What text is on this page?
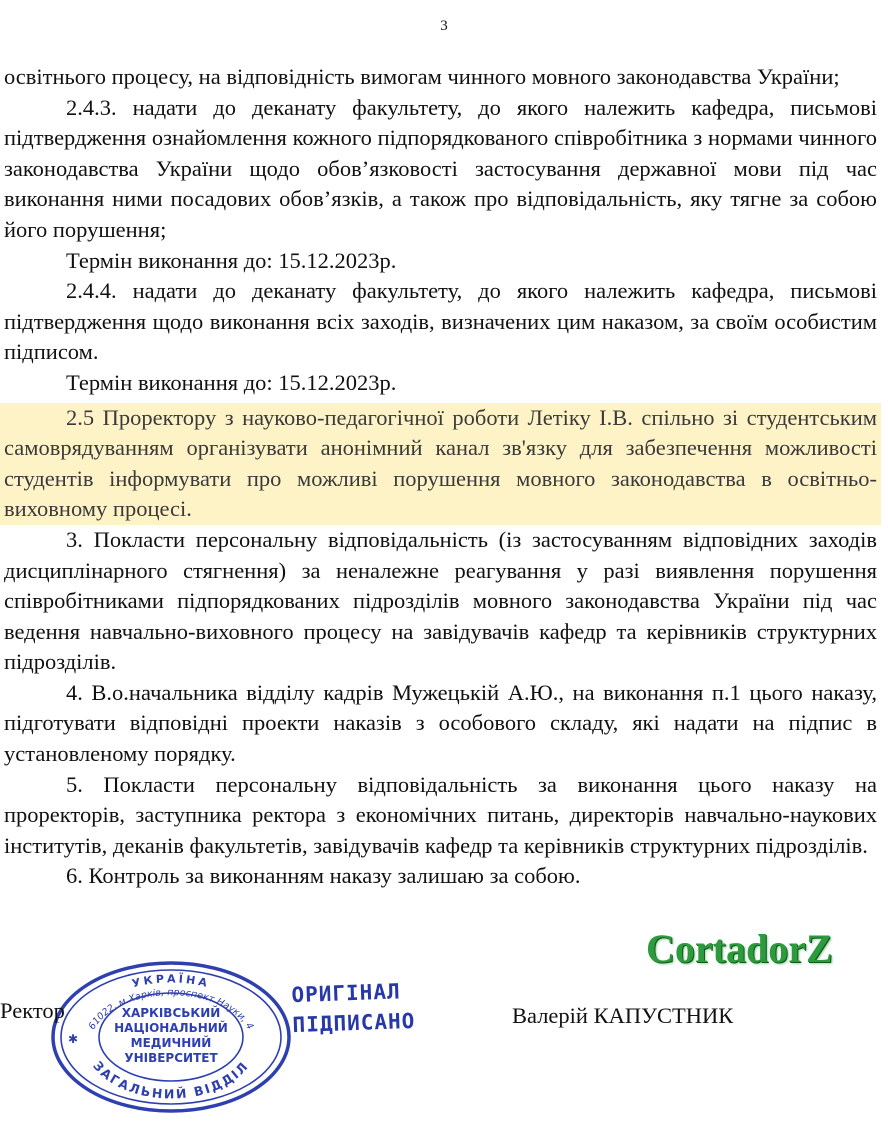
3

освітнього процесу, на відповідність вимогам чинного мовного законодавства України;

2.4.3. надати до деканату факультету, до якого належить кафедра, письмові підтвердження ознайомлення кожного підпорядкованого співробітника з нормами чинного законодавства України щодо обов’язковості застосування державної мови під час виконання ними посадових обов’язків, а також про відповідальність, яку тягне за собою його порушення;

Термін виконання до: 15.12.2023р.

2.4.4. надати до деканату факультету, до якого належить кафедра, письмові підтвердження щодо виконання всіх заходів, визначених цим наказом, за своїм особистим підписом.

Термін виконання до: 15.12.2023р.

2.5 Проректору з науково-педагогічної роботи Летіку І.В. спільно зі студентським самоврядуванням організувати анонімний канал зв'язку для забезпечення можливості студентів інформувати про можливі порушення мовного законодавства в освітньо-виховному процесі.

3. Покласти персональну відповідальність (із застосуванням відповідних заходів дисциплінарного стягнення) за неналежне реагування у разі виявлення порушення співробітниками підпорядкованих підрозділів мовного законодавства України під час ведення навчально-виховного процесу на завідувачів кафедр та керівників структурних підрозділів.

4. В.о.начальника відділу кадрів Мужецькій А.Ю., на виконання п.1 цього наказу, підготувати відповідні проекти наказів з особового складу, які надати на підпис в установленому порядку.

5. Покласти персональну відповідальність за виконання цього наказу на проректорів, заступника ректора з економічних питань, директорів навчально-наукових інститутів, деканів факультетів, завідувачів кафедр та керівників структурних підрозділів.

6. Контроль за виконанням наказу залишаю за собою.

CortadorZ
УКРАЇНА
61022, м.Харків, проспект Науки, 4
ЗАГАЛЬНИЙ ВІДДІЛ
ХАРКІВСЬКИЙ
НАЦІОНАЛЬНИЙ
МЕДИЧНИЙ
УНІВЕРСИТЕТ
✱
Ректор
ОРИГІНАЛ
ПІДПИСАНО	Валерій КАПУСТНИК
